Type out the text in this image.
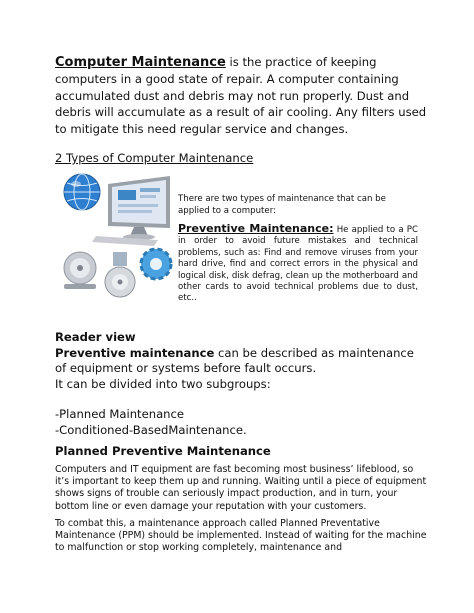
Computer Maintenance is the practice of keeping computers in a good state of repair. A computer containing accumulated dust and debris may not run properly. Dust and debris will accumulate as a result of air cooling. Any filters used to mitigate this need regular service and changes.
2 Types of Computer Maintenance
There are two types of maintenance that can be applied to a computer:
Preventive Maintenance: He applied to a PC in order to avoid future mistakes and technical problems, such as: Find and remove viruses from your hard drive, find and correct errors in the physical and logical disk, disk defrag, clean up the motherboard and other cards to avoid technical problems due to dust, etc..
Reader view
Preventive maintenance can be described as maintenance of equipment or systems before fault occurs.
It can be divided into two subgroups:
-Planned Maintenance
-Conditioned-BasedMaintenance.
Planned Preventive Maintenance
Computers and IT equipment are fast becoming most business’ lifeblood, so it’s important to keep them up and running. Waiting until a piece of equipment shows signs of trouble can seriously impact production, and in turn, your bottom line or even damage your reputation with your customers.
To combat this, a maintenance approach called Planned Preventative Maintenance (PPM) should be implemented. Instead of waiting for the machine to malfunction or stop working completely, maintenance and
